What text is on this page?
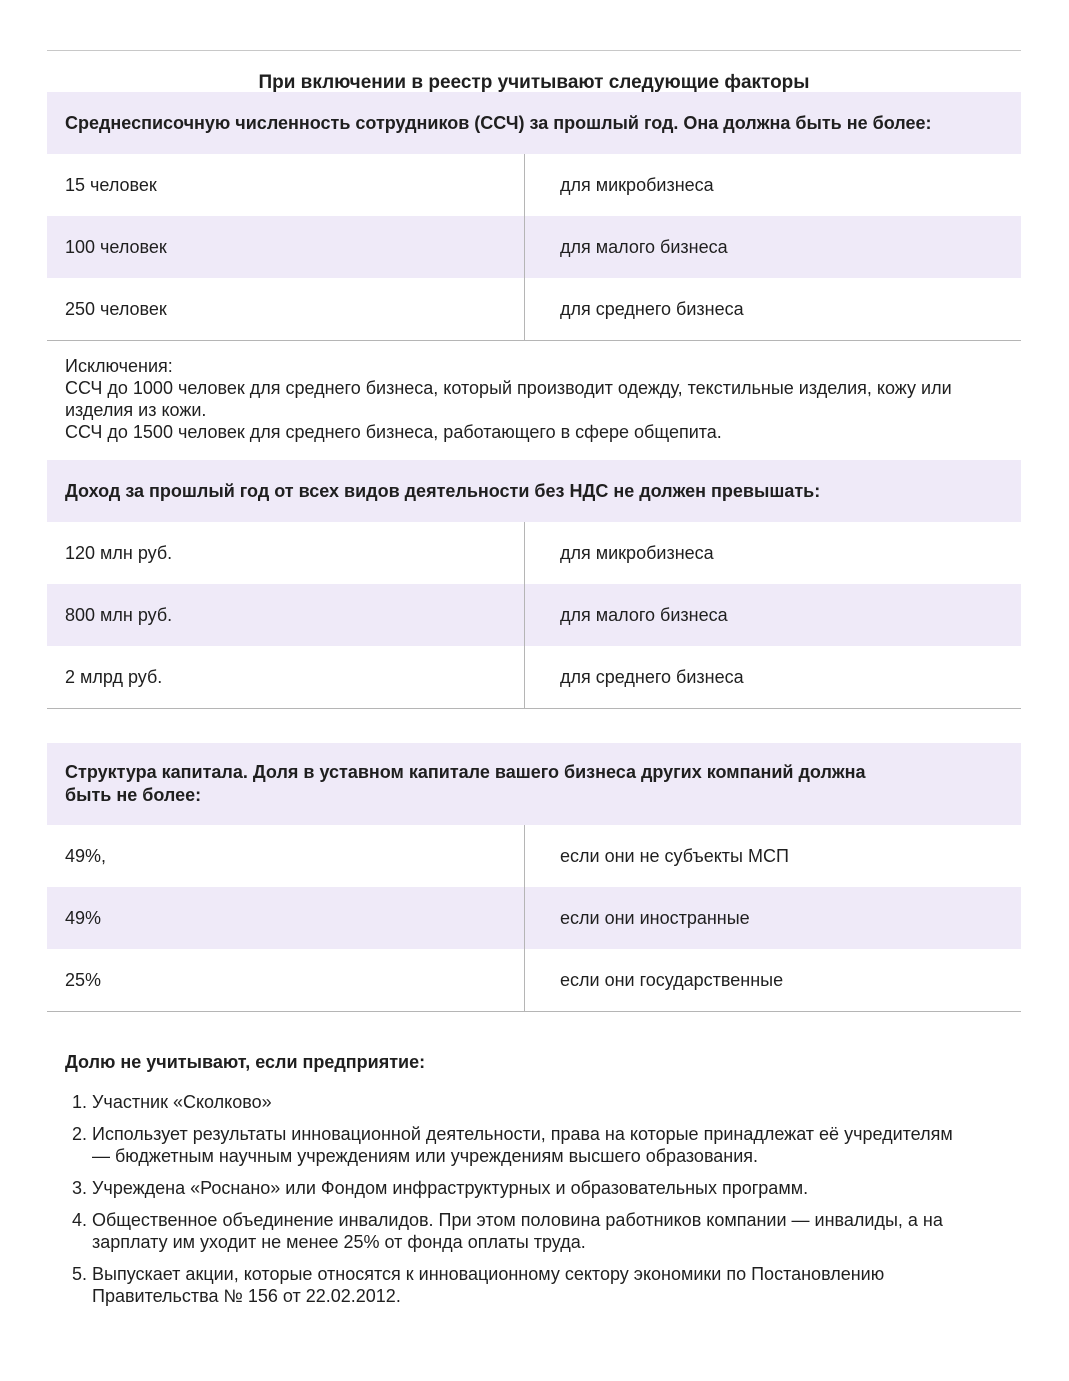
При включении в реестр учитывают следующие факторы
Среднесписочную численность сотрудников (ССЧ) за прошлый год. Она должна быть не более:
15 человек	для микробизнеса
100 человек	для малого бизнеса
250 человек	для среднего бизнеса
Исключения:
ССЧ до 1000 человек для среднего бизнеса, который производит одежду, текстильные изделия, кожу или изделия из кожи.
ССЧ до 1500 человек для среднего бизнеса, работающего в сфере общепита.
Доход за прошлый год от всех видов деятельности без НДС не должен превышать:
120 млн руб.	для микробизнеса
800 млн руб.	для малого бизнеса
2 млрд руб.	для среднего бизнеса
Структура капитала. Доля в уставном капитале вашего бизнеса других компаний должна быть не более:
49%,	если они не субъекты МСП
49%	если они иностранные
25%	если они государственные
Долю не учитывают, если предприятие:
1. Участник «Сколково»
2. Использует результаты инновационной деятельности, права на которые принадлежат её учредителям — бюджетным научным учреждениям или учреждениям высшего образования.
3. Учреждена «Роснано» или Фондом инфраструктурных и образовательных программ.
4. Общественное объединение инвалидов. При этом половина работников компании — инвалиды, а на зарплату им уходит не менее 25% от фонда оплаты труда.
5. Выпускает акции, которые относятся к инновационному сектору экономики по Постановлению Правительства № 156 от 22.02.2012.
